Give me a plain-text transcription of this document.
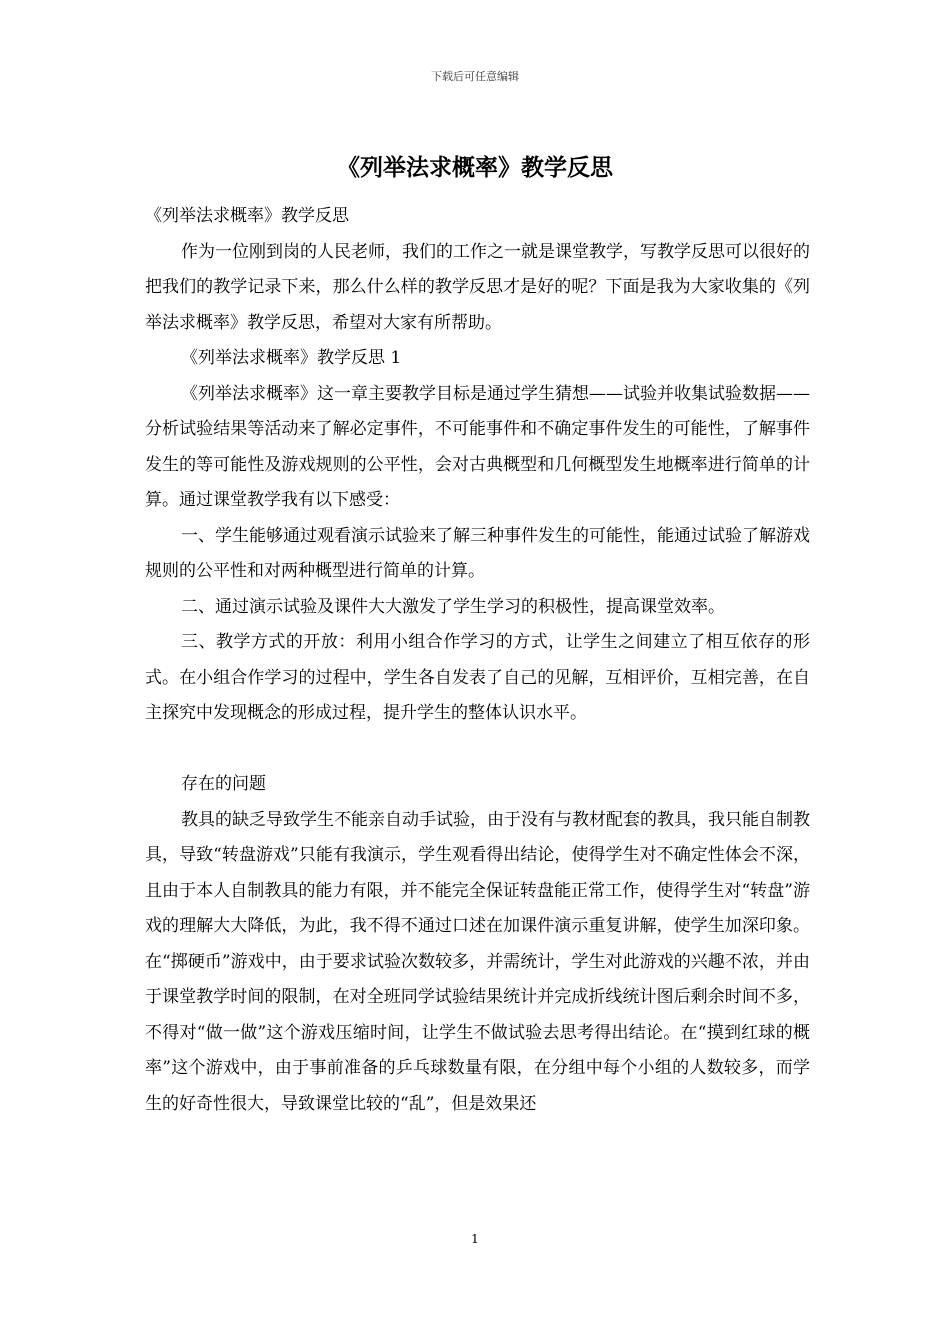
下载后可任意编辑
《列举法求概率》教学反思

《列举法求概率》教学反思

作为一位刚到岗的人民老师，我们的工作之一就是课堂教学，写教学反思可以很好的把我们的教学记录下来，那么什么样的教学反思才是好的呢？下面是我为大家收集的《列举法求概率》教学反思，希望对大家有所帮助。

《列举法求概率》教学反思 1

《列举法求概率》这一章主要教学目标是通过学生猜想——试验并收集试验数据——分析试验结果等活动来了解必定事件，不可能事件和不确定事件发生的可能性，了解事件发生的等可能性及游戏规则的公平性，会对古典概型和几何概型发生地概率进行简单的计算。通过课堂教学我有以下感受：

一、学生能够通过观看演示试验来了解三种事件发生的可能性，能通过试验了解游戏规则的公平性和对两种概型进行简单的计算。

二、通过演示试验及课件大大激发了学生学习的积极性，提高课堂效率。

三、教学方式的开放：利用小组合作学习的方式，让学生之间建立了相互依存的形式。在小组合作学习的过程中，学生各自发表了自己的见解，互相评价，互相完善，在自主探究中发现概念的形成过程，提升学生的整体认识水平。

存在的问题

教具的缺乏导致学生不能亲自动手试验，由于没有与教材配套的教具，我只能自制教具，导致“转盘游戏”只能有我演示，学生观看得出结论，使得学生对不确定性体会不深，且由于本人自制教具的能力有限，并不能完全保证转盘能正常工作，使得学生对“转盘”游戏的理解大大降低，为此，我不得不通过口述在加课件演示重复讲解，使学生加深印象。在“掷硬币”游戏中，由于要求试验次数较多，并需统计，学生对此游戏的兴趣不浓，并由于课堂教学时间的限制，在对全班同学试验结果统计并完成折线统计图后剩余时间不多，不得对“做一做”这个游戏压缩时间，让学生不做试验去思考得出结论。在“摸到红球的概率”这个游戏中，由于事前准备的乒乓球数量有限，在分组中每个小组的人数较多，而学生的好奇性很大，导致课堂比较的“乱”，但是效果还

1
